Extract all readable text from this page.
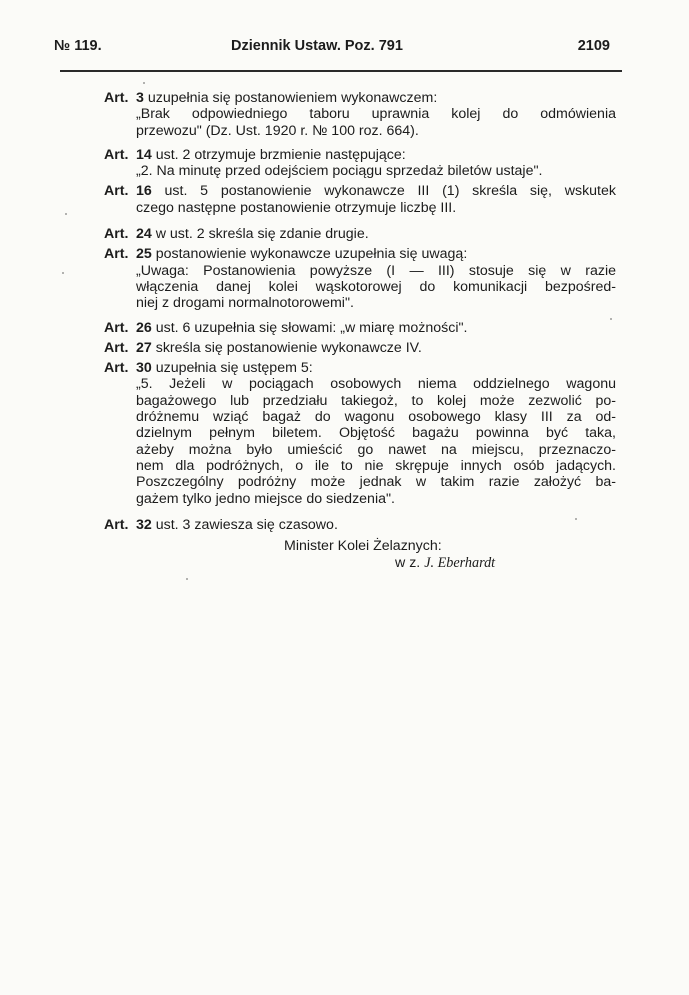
№ 119.	Dziennik Ustaw. Poz. 791	2109
Art. 3 uzupełnia się postanowieniem wykonawczem:
„Brak odpowiedniego taboru uprawnia kolej do odmówienia
przewozu" (Dz. Ust. 1920 r. № 100 roz. 664).
Art. 14 ust. 2 otrzymuje brzmienie następujące:
„2. Na minutę przed odejściem pociągu sprzedaż biletów ustaje".
Art. 16 ust. 5 postanowienie wykonawcze III (1) skreśla się, wskutek
czego następne postanowienie otrzymuje liczbę III.
Art. 24 w ust. 2 skreśla się zdanie drugie.
Art. 25 postanowienie wykonawcze uzupełnia się uwagą:
„Uwaga: Postanowienia powyższe (I — III) stosuje się w razie
włączenia danej kolei wąskotorowej do komunikacji bezpośred-
niej z drogami normalnotorowemi".
Art. 26 ust. 6 uzupełnia się słowami: „w miarę możności".
Art. 27 skreśla się postanowienie wykonawcze IV.
Art. 30 uzupełnia się ustępem 5:
„5. Jeżeli w pociągach osobowych niema oddzielnego wagonu
bagażowego lub przedziału takiegoż, to kolej może zezwolić po-
dróżnemu wziąć bagaż do wagonu osobowego klasy III za od-
dzielnym pełnym biletem. Objętość bagażu powinna być taka,
ażeby można było umieścić go nawet na miejscu, przeznaczo-
nem dla podróżnych, o ile to nie skrępuje innych osób jadących.
Poszczególny podróżny może jednak w takim razie założyć ba-
gażem tylko jedno miejsce do siedzenia".
Art. 32 ust. 3 zawiesza się czasowo.
Minister Kolei Żelaznych:
w z. J. Eberhardt
